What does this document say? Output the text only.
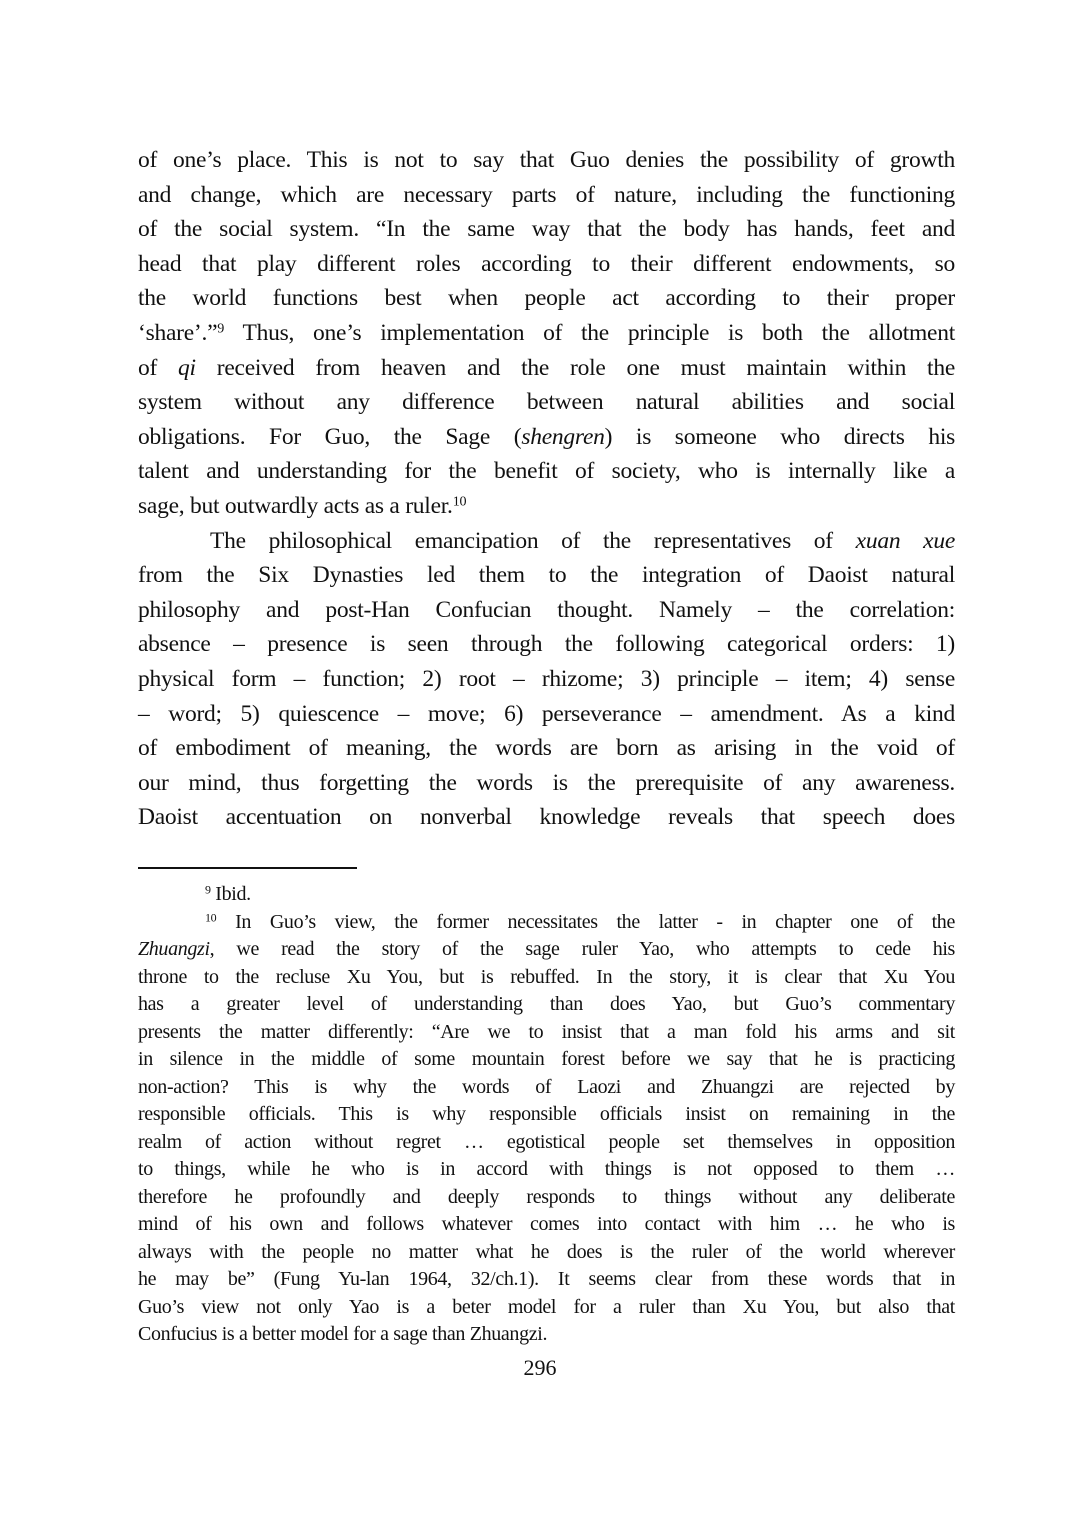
of one’s place. This is not to say that Guo denies the possibility of growth
and change, which are necessary parts of nature, including the functioning
of the social system. “In the same way that the body has hands, feet and
head that play different roles according to their different endowments, so
the world functions best when people act according to their proper
‘share’.”$^9$ Thus, one’s implementation of the principle is both the allotment
of qi received from heaven and the role one must maintain within the
system without any difference between natural abilities and social
obligations. For Guo, the Sage (shengren) is someone who directs his
talent and understanding for the benefit of society, who is internally like a
sage, but outwardly acts as a ruler.$^{10}$
The philosophical emancipation of the representatives of xuan xue
from the Six Dynasties led them to the integration of Daoist natural
philosophy and post-Han Confucian thought. Namely – the correlation:
absence – presence is seen through the following categorical orders: 1)
physical form – function; 2) root – rhizome; 3) principle – item; 4) sense
– word; 5) quiescence – move; 6) perseverance – amendment. As a kind
of embodiment of meaning, the words are born as arising in the void of
our mind, thus forgetting the words is the prerequisite of any awareness.
Daoist accentuation on nonverbal knowledge reveals that speech does
$^9$ Ibid.
$^{10}$ In Guo’s view, the former necessitates the latter - in chapter one of the
Zhuangzi, we read the story of the sage ruler Yao, who attempts to cede his
throne to the recluse Xu You, but is rebuffed. In the story, it is clear that Xu You
has a greater level of understanding than does Yao, but Guo’s commentary
presents the matter differently: “Are we to insist that a man fold his arms and sit
in silence in the middle of some mountain forest before we say that he is practicing
non-action? This is why the words of Laozi and Zhuangzi are rejected by
responsible officials. This is why responsible officials insist on remaining in the
realm of action without regret … egotistical people set themselves in opposition
to things, while he who is in accord with things is not opposed to them …
therefore he profoundly and deeply responds to things without any deliberate
mind of his own and follows whatever comes into contact with him … he who is
always with the people no matter what he does is the ruler of the world wherever
he may be” (Fung Yu-lan 1964, 32/ch.1). It seems clear from these words that in
Guo’s view not only Yao is a beter model for a ruler than Xu You, but also that
Confucius is a better model for a sage than Zhuangzi.
296
